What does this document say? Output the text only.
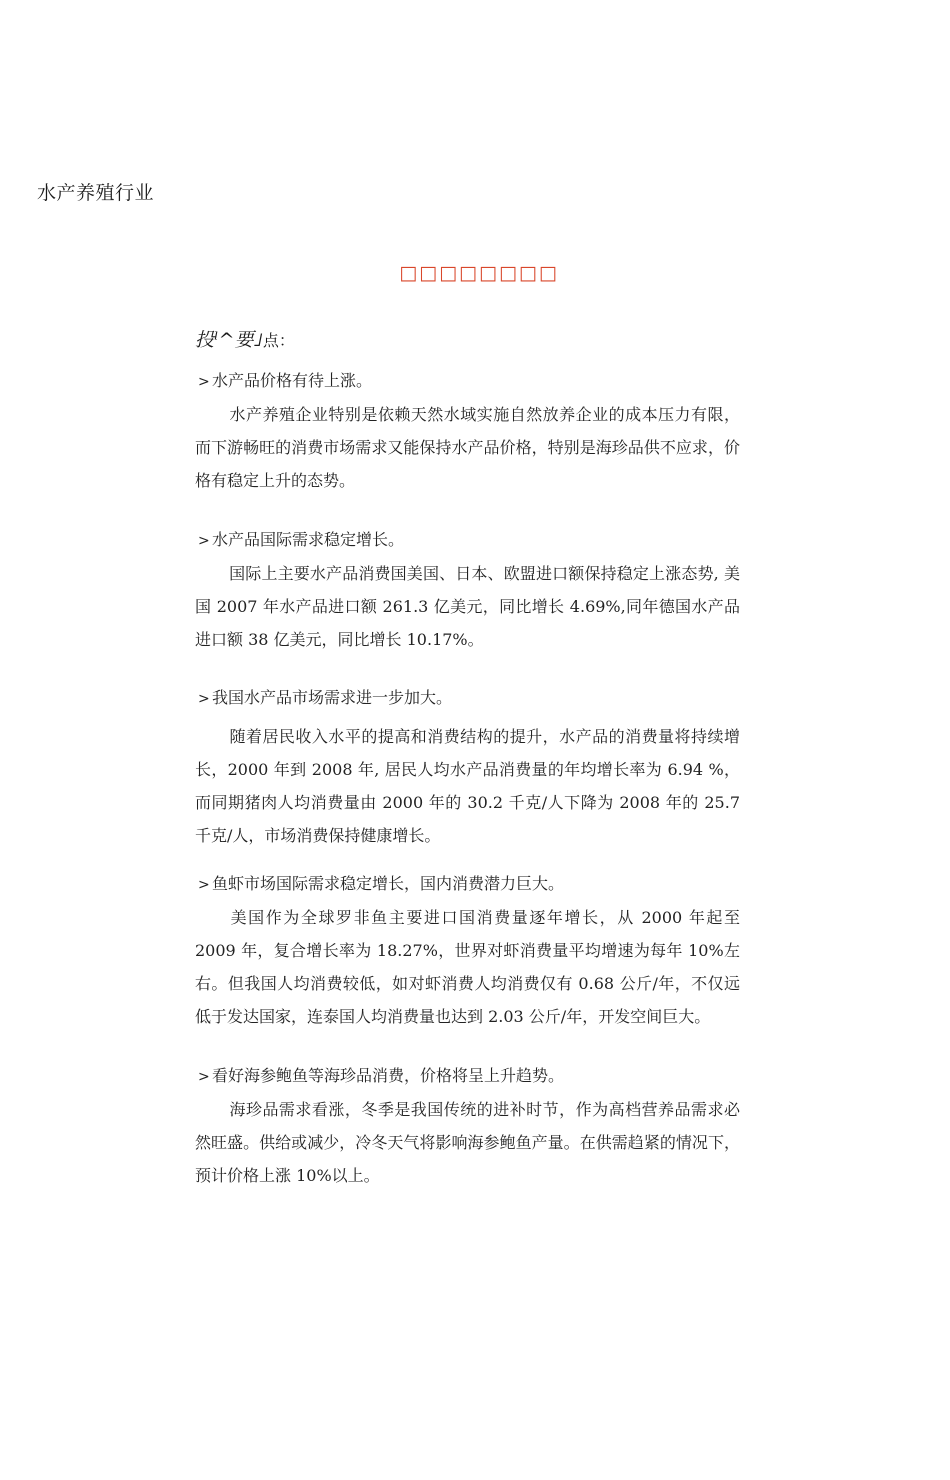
水产养殖行业
□□□□□□□□
投ˡ^要˩点：
> 水产品价格有待上涨。
水产养殖企业特别是依赖天然水域实施自然放养企业的成本压力有限，而下游畅旺的消费市场需求又能保持水产品价格，特别是海珍品供不应求，价格有稳定上升的态势。
> 水产品国际需求稳定增长。
国际上主要水产品消费国美国、日本、欧盟进口额保持稳定上涨态势, 美国 2007 年水产品进口额 261.3 亿美元，同比增长 4.69%,同年德国水产品进口额 38 亿美元，同比增长 10.17%。
> 我国水产品市场需求进一步加大。
随着居民收入水平的提高和消费结构的提升，水产品的消费量将持续增长，2000 年到 2008 年, 居民人均水产品消费量的年均增长率为 6.94 %，而同期猪肉人均消费量由 2000 年的 30.2 千克/人下降为 2008 年的 25.7 千克/人，市场消费保持健康增长。
> 鱼虾市场国际需求稳定增长，国内消费潜力巨大。
美国作为全球罗非鱼主要进口国消费量逐年增长，从 2000 年起至 2009 年，复合增长率为 18.27%，世界对虾消费量平均增速为每年 10%左右。但我国人均消费较低，如对虾消费人均消费仅有 0.68 公斤/年，不仅远低于发达国家，连泰国人均消费量也达到 2.03 公斤/年，开发空间巨大。
> 看好海参鲍鱼等海珍品消费，价格将呈上升趋势。
海珍品需求看涨，冬季是我国传统的进补时节，作为高档营养品需求必然旺盛。供给或减少，冷冬天气将影响海参鲍鱼产量。在供需趋紧的情况下，预计价格上涨 10%以上。
